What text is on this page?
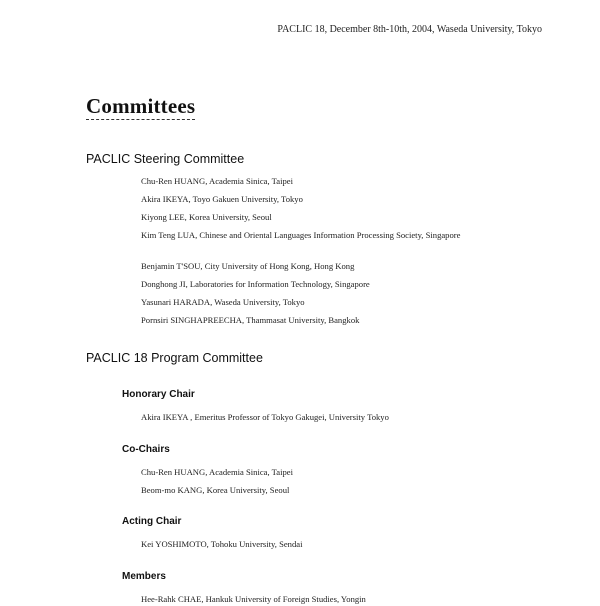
PACLIC 18, December 8th-10th, 2004, Waseda University, Tokyo
Committees
PACLIC Steering Committee
Chu-Ren HUANG, Academia Sinica, Taipei
Akira IKEYA, Toyo Gakuen University, Tokyo
Kiyong LEE, Korea University, Seoul
Kim Teng LUA, Chinese and Oriental Languages Information Processing Society, Singapore
Benjamin T'SOU, City University of Hong Kong, Hong Kong
Donghong JI, Laboratories for Information Technology, Singapore
Yasunari HARADA, Waseda University, Tokyo
Pornsiri SINGHAPREECHA, Thammasat University, Bangkok
PACLIC 18 Program Committee
Honorary Chair
Akira IKEYA , Emeritus Professor of Tokyo Gakugei, University Tokyo
Co-Chairs
Chu-Ren HUANG, Academia Sinica, Taipei
Beom-mo KANG, Korea University, Seoul
Acting Chair
Kei YOSHIMOTO, Tohoku University, Sendai
Members
Hee-Rahk CHAE, Hankuk University of Foreign Studies, Yongin
